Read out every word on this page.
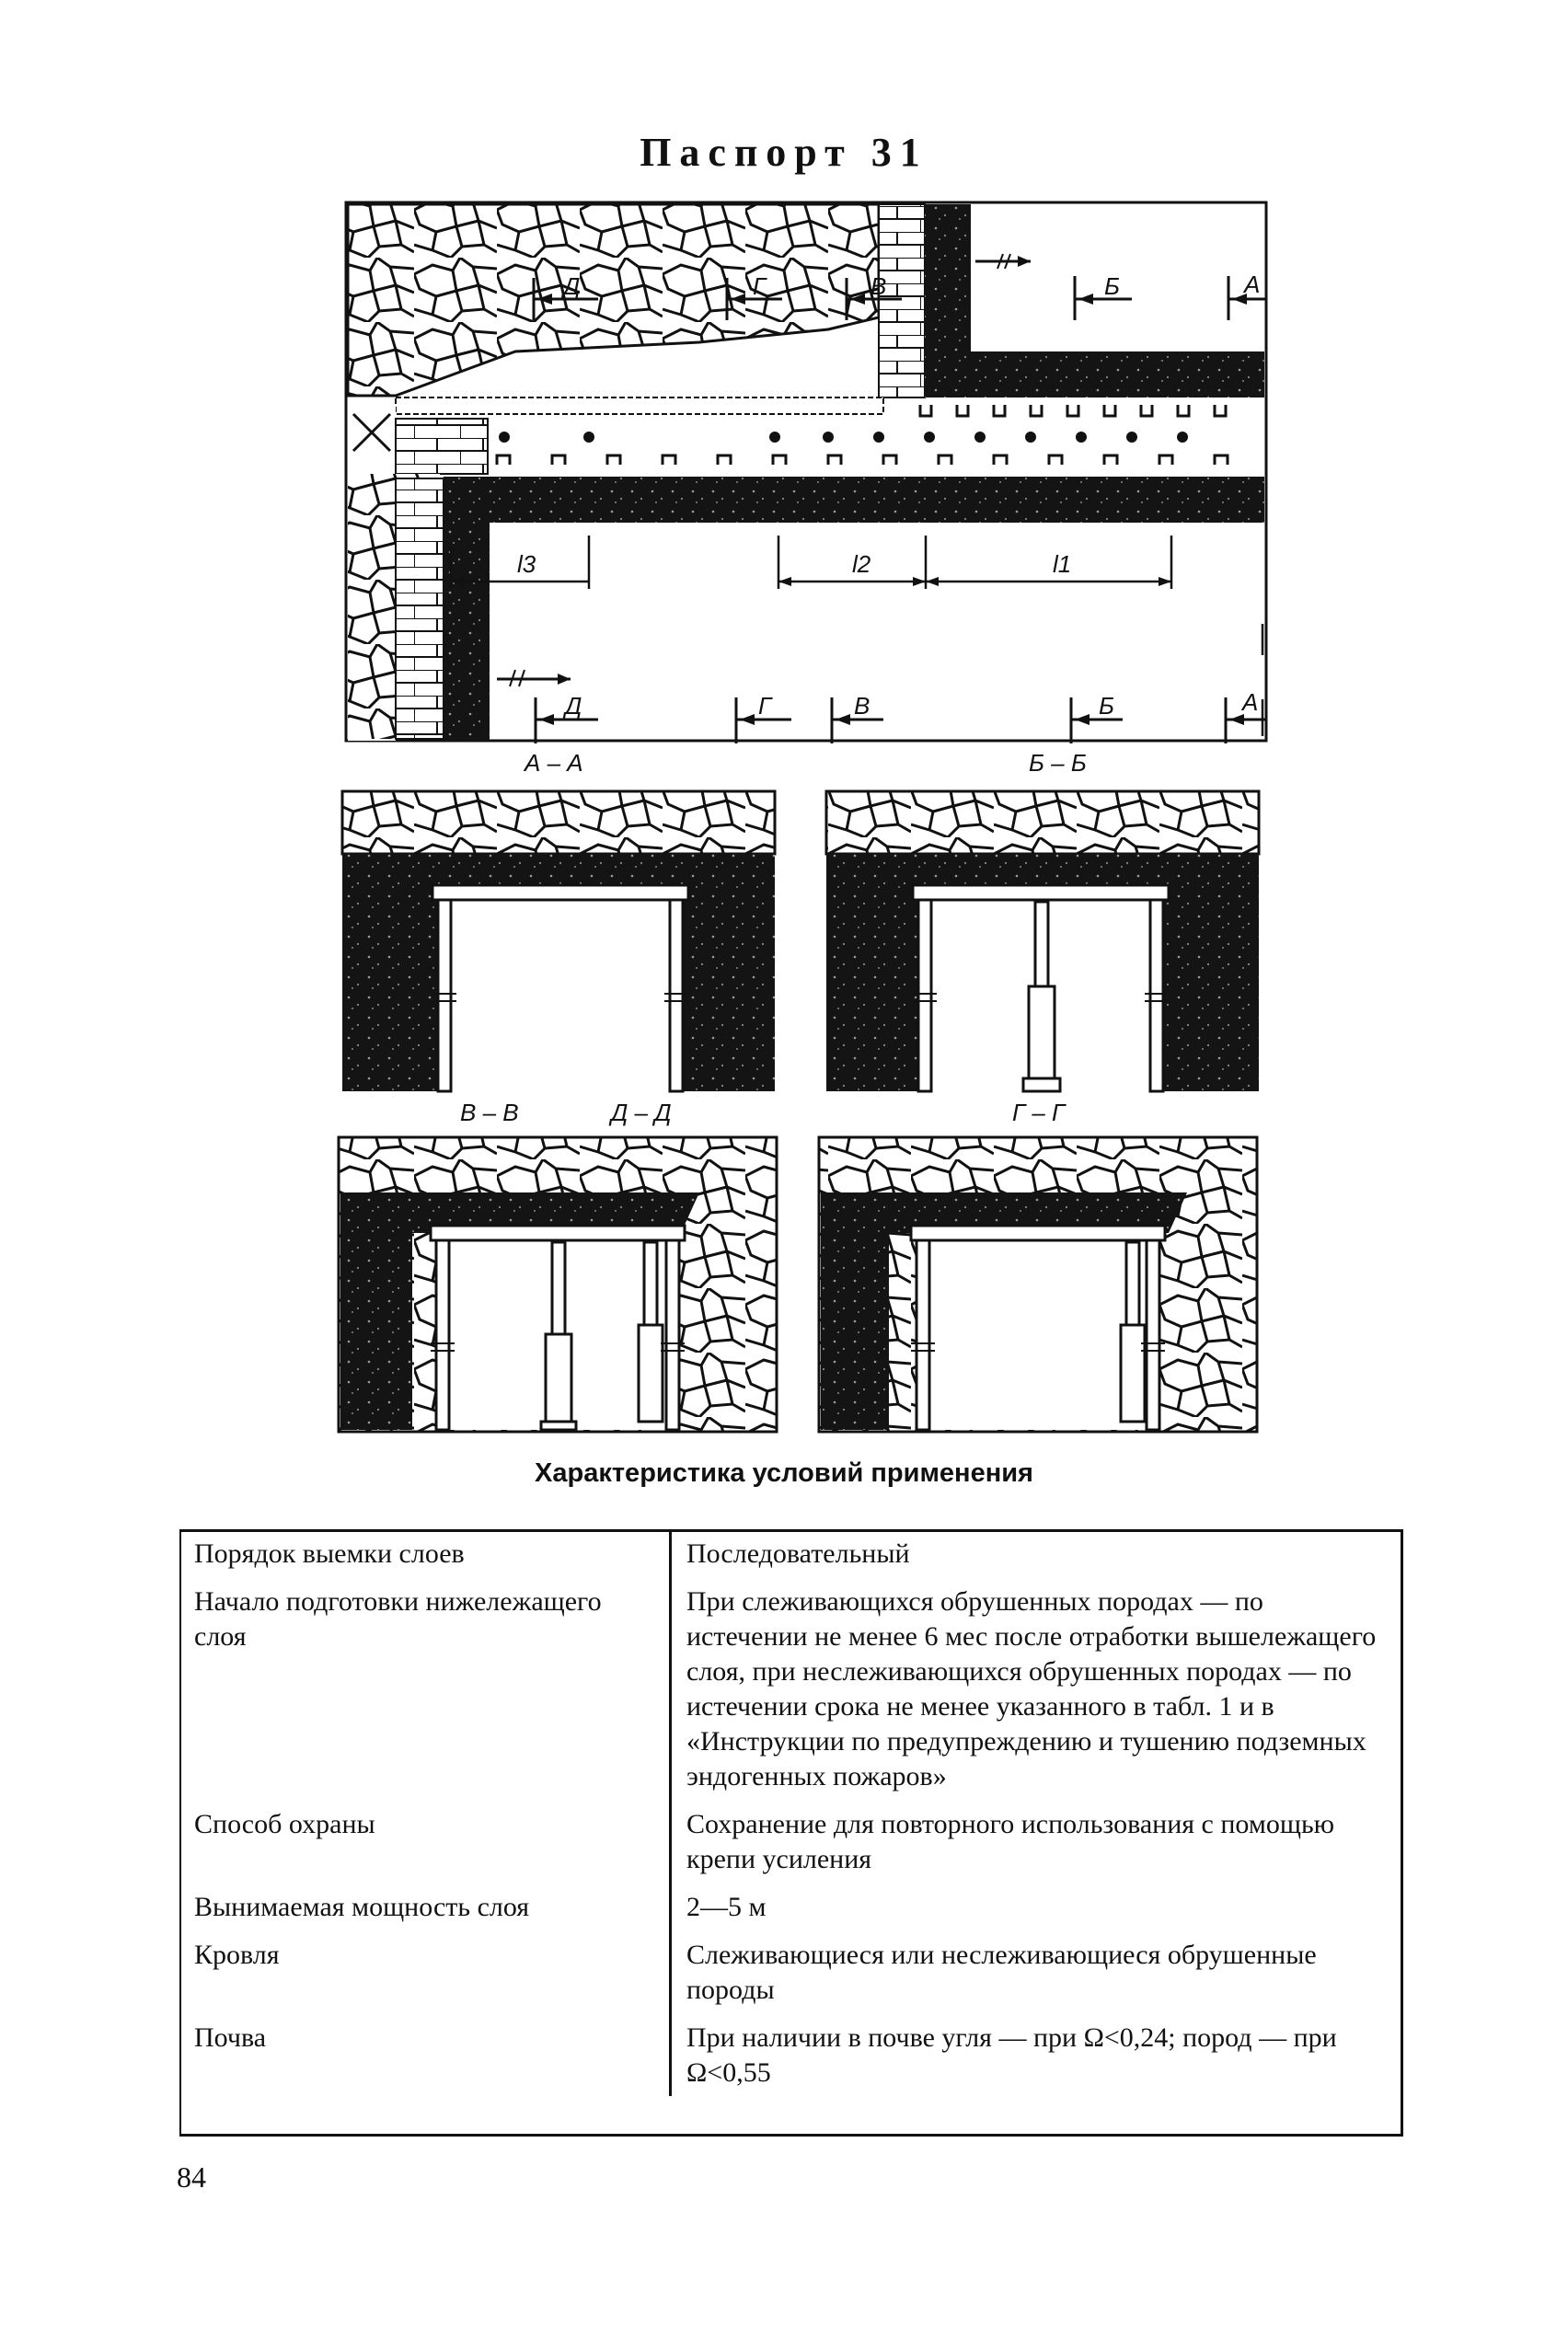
Паспорт 31
Д	Г	В	Б	А
Д	Г	В	Б	А
l3	l2	l1
А – А	Б – Б
В – В	Д – Д	Г – Г
Характеристика условий применения
Порядок выемки слоев	Последовательный
Начало подготовки нижележащего слоя	При слеживающихся обрушенных породах — по истечении не менее 6 мес после отработки вышележащего слоя, при неслеживающихся обрушенных породах — по истечении срока не менее указанного в табл. 1 и в «Инструкции по предупреждению и тушению подземных эндогенных пожаров»
Способ охраны	Сохранение для повторного использования с помощью крепи усиления
Вынимаемая мощность слоя	2—5 м
Кровля	Слеживающиеся или неслеживающиеся обрушенные породы
Почва	При наличии в почве угля — при Ω<0,24; пород — при Ω<0,55
84
